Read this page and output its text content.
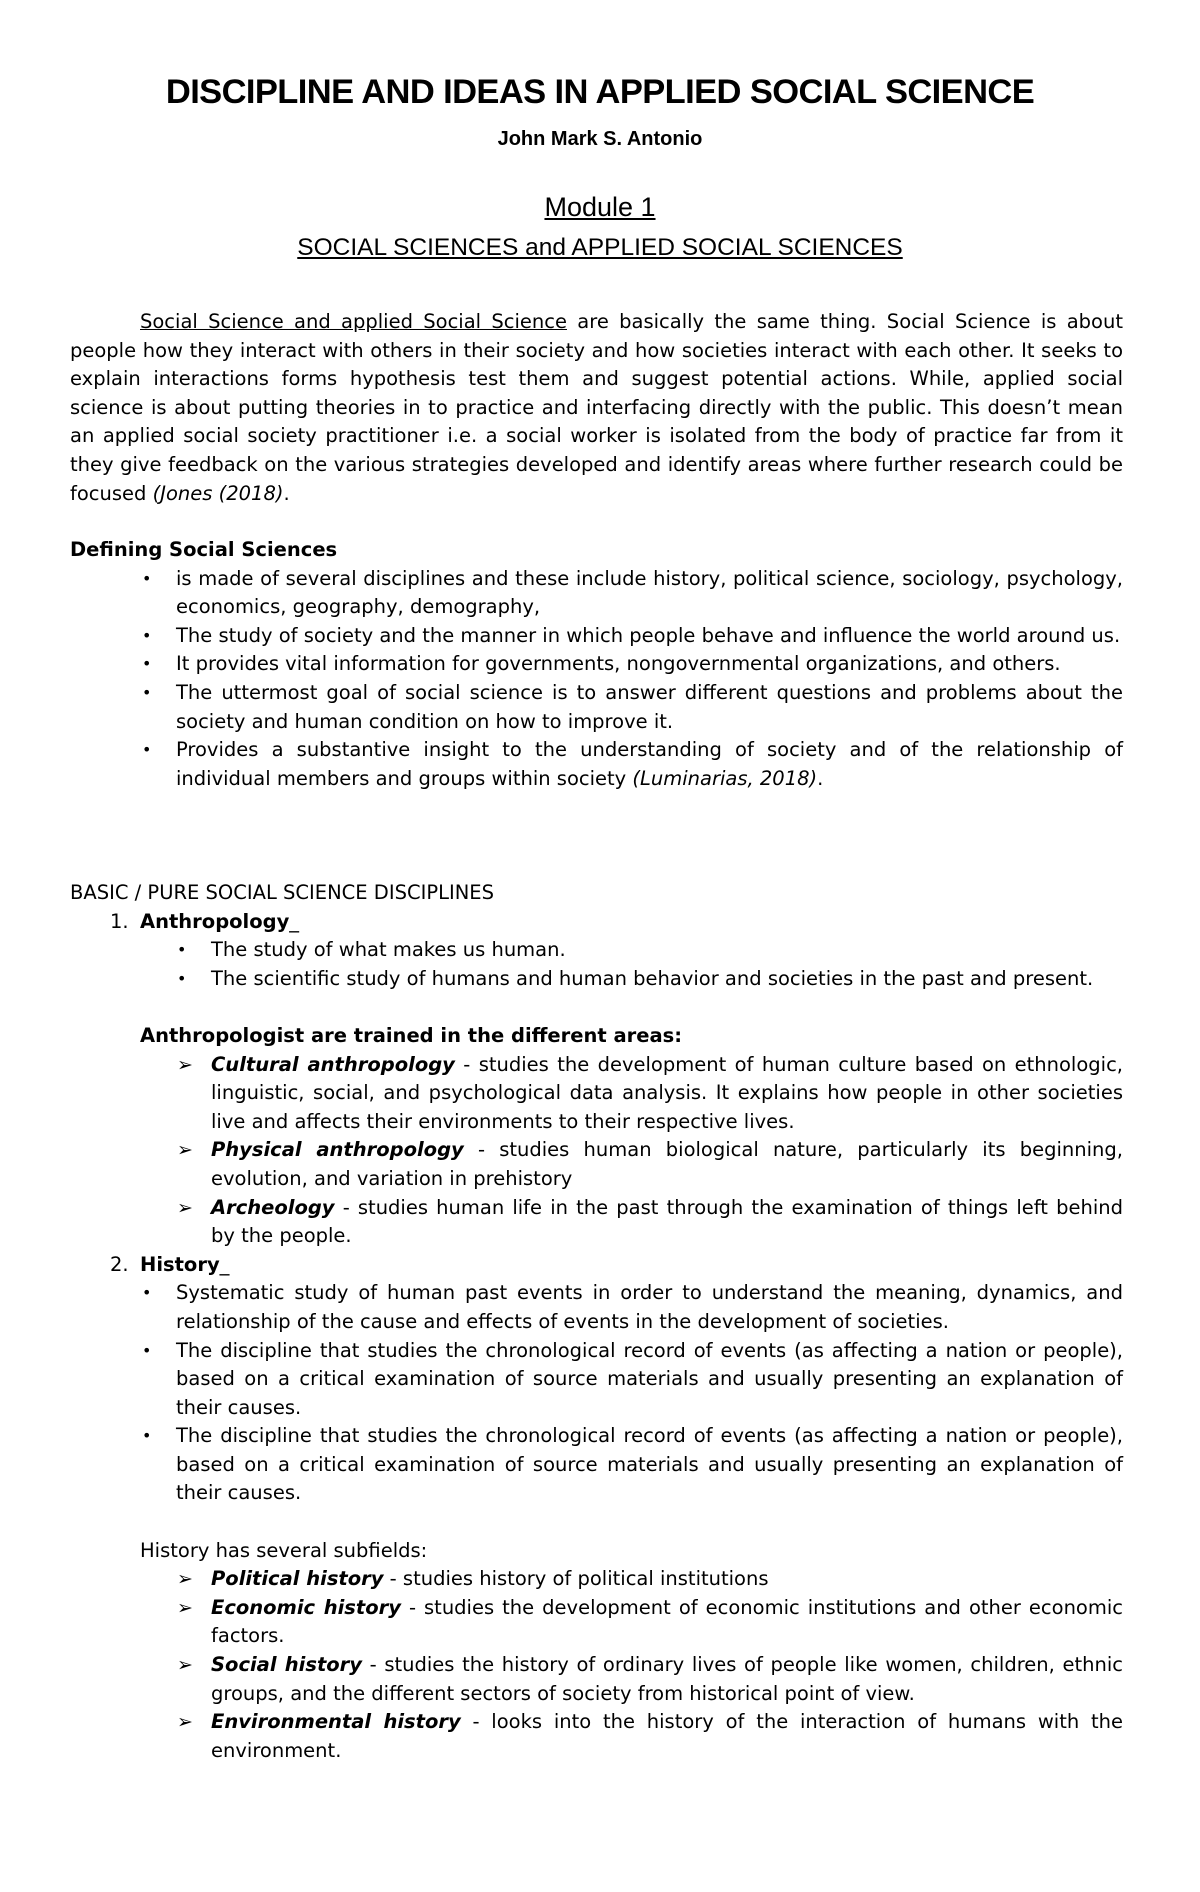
DISCIPLINE AND IDEAS IN APPLIED SOCIAL SCIENCE
John Mark S. Antonio
Module 1
SOCIAL SCIENCES and APPLIED SOCIAL SCIENCES
Social Science and applied Social Science are basically the same thing. Social Science is about people how they interact with others in their society and how societies interact with each other. It seeks to explain interactions forms hypothesis test them and suggest potential actions. While, applied social science is about putting theories in to practice and interfacing directly with the public. This doesn’t mean an applied social society practitioner i.e. a social worker is isolated from the body of practice far from it they give feedback on the various strategies developed and identify areas where further research could be focused (Jones (2018).
Defining Social Sciences
• is made of several disciplines and these include history, political science, sociology, psychology, economics, geography, demography,
• The study of society and the manner in which people behave and influence the world around us.
• It provides vital information for governments, nongovernmental organizations, and others.
• The uttermost goal of social science is to answer different questions and problems about the society and human condition on how to improve it.
• Provides a substantive insight to the understanding of society and of the relationship of individual members and groups within society (Luminarias, 2018).
BASIC / PURE SOCIAL SCIENCE DISCIPLINES
1. Anthropology_
• The study of what makes us human.
• The scientific study of humans and human behavior and societies in the past and present.
Anthropologist are trained in the different areas:
➢ Cultural anthropology - studies the development of human culture based on ethnologic, linguistic, social, and psychological data analysis. It explains how people in other societies live and affects their environments to their respective lives.
➢ Physical anthropology - studies human biological nature, particularly its beginning, evolution, and variation in prehistory
➢ Archeology - studies human life in the past through the examination of things left behind by the people.
2. History_
• Systematic study of human past events in order to understand the meaning, dynamics, and relationship of the cause and effects of events in the development of societies.
• The discipline that studies the chronological record of events (as affecting a nation or people), based on a critical examination of source materials and usually presenting an explanation of their causes.
• The discipline that studies the chronological record of events (as affecting a nation or people), based on a critical examination of source materials and usually presenting an explanation of their causes.
History has several subfields:
➢ Political history - studies history of political institutions
➢ Economic history - studies the development of economic institutions and other economic factors.
➢ Social history - studies the history of ordinary lives of people like women, children, ethnic groups, and the different sectors of society from historical point of view.
➢ Environmental history - looks into the history of the interaction of humans with the environment.
